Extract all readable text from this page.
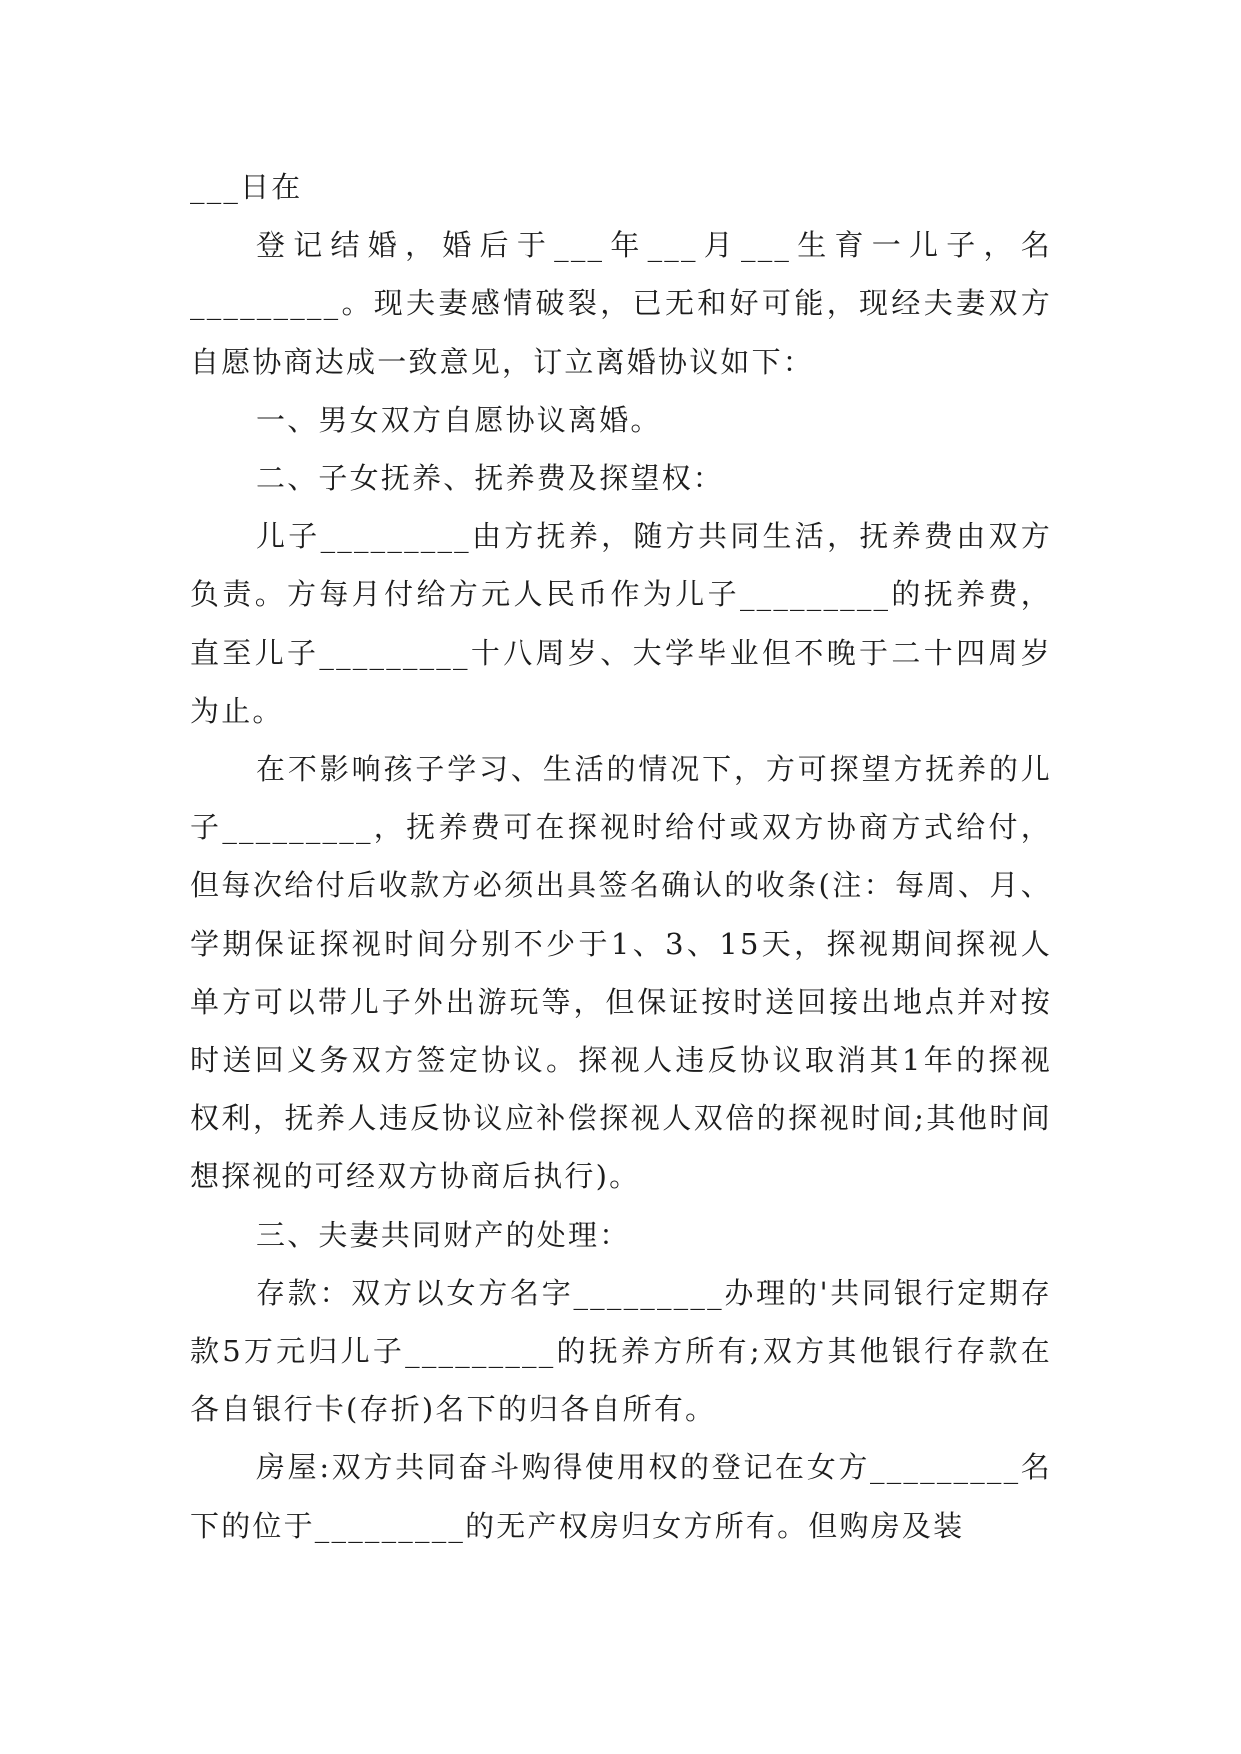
___日在

登记结婚，婚后于___年___月___生育一儿子，名_________。现夫妻感情破裂，已无和好可能，现经夫妻双方自愿协商达成一致意见，订立离婚协议如下：

一、男女双方自愿协议离婚。

二、子女抚养、抚养费及探望权：

儿子_________由方抚养，随方共同生活，抚养费由双方负责。方每月付给方元人民币作为儿子_________的抚养费，直至儿子_________十八周岁、大学毕业但不晚于二十四周岁为止。

在不影响孩子学习、生活的情况下，方可探望方抚养的儿子_________，抚养费可在探视时给付或双方协商方式给付，但每次给付后收款方必须出具签名确认的收条(注：每周、月、学期保证探视时间分别不少于1、3、15天，探视期间探视人单方可以带儿子外出游玩等，但保证按时送回接出地点并对按时送回义务双方签定协议。探视人违反协议取消其1年的探视权利，抚养人违反协议应补偿探视人双倍的探视时间;其他时间想探视的可经双方协商后执行)。

三、夫妻共同财产的处理：

存款：双方以女方名字_________办理的'共同银行定期存款5万元归儿子_________的抚养方所有;双方其他银行存款在各自银行卡(存折)名下的归各自所有。

房屋:双方共同奋斗购得使用权的登记在女方_________名下的位于_________的无产权房归女方所有。但购房及装
